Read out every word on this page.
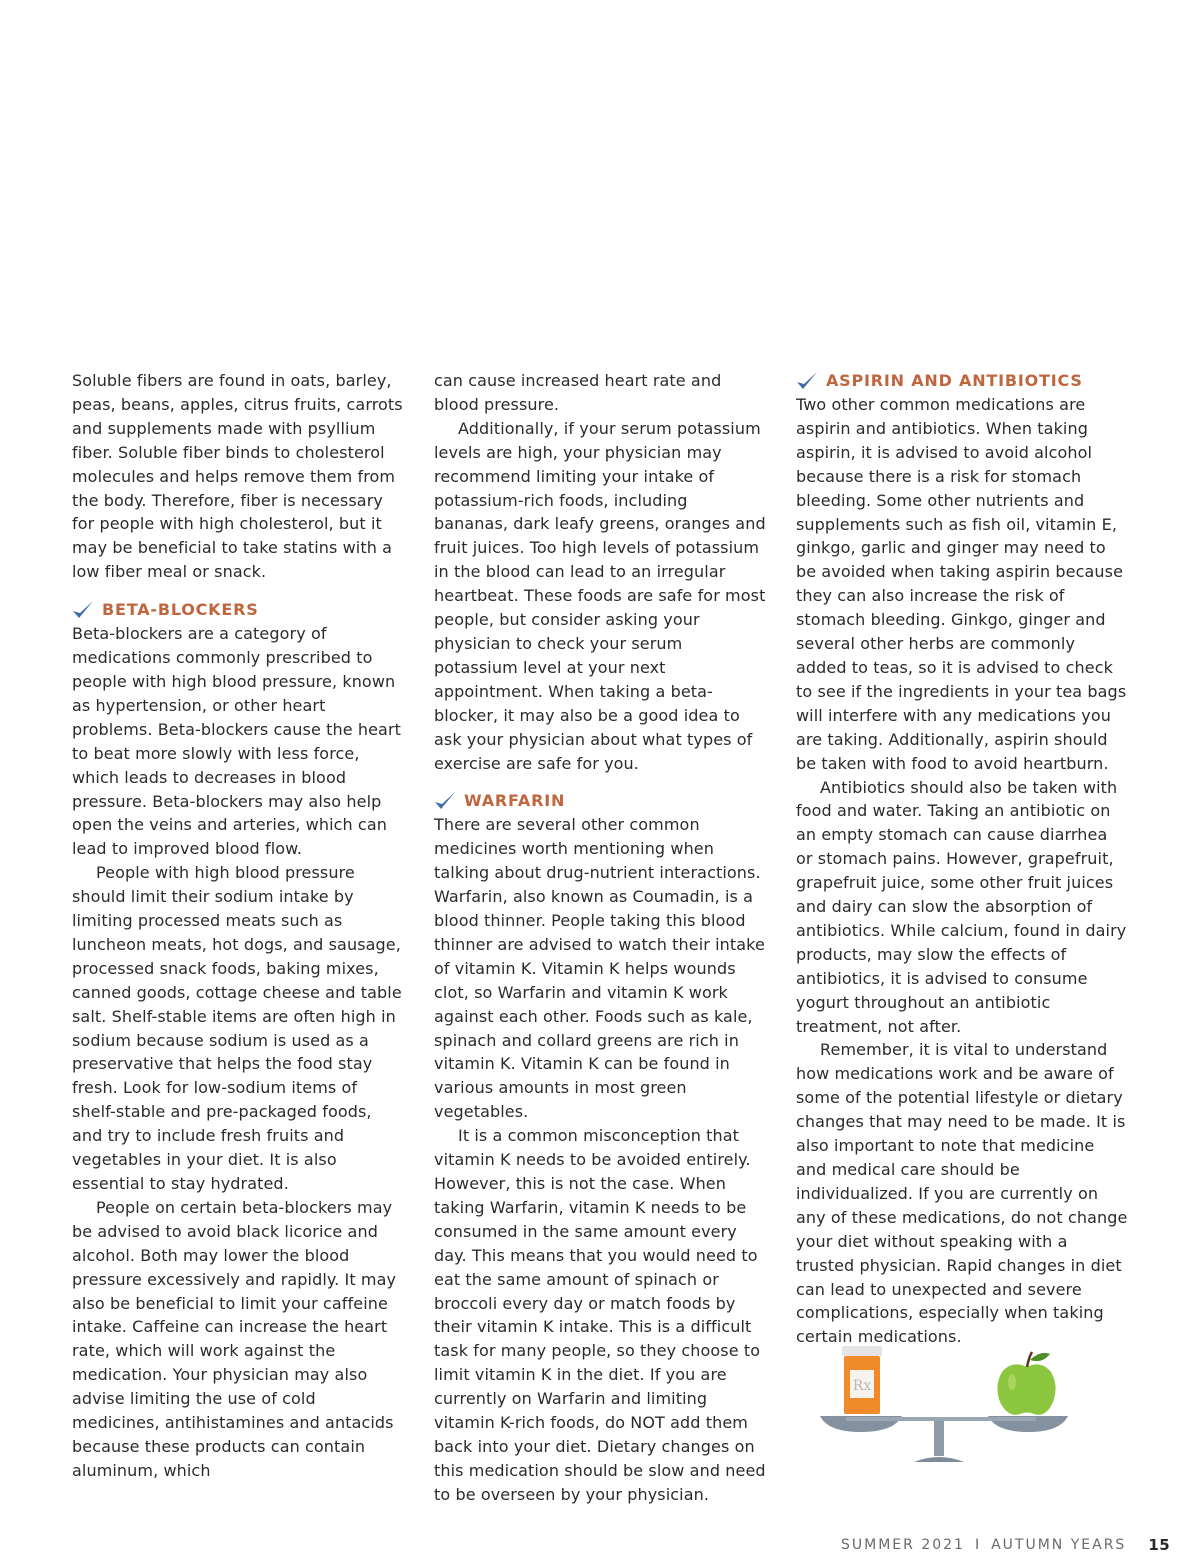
Soluble fibers are found in oats, barley, peas, beans, apples, citrus fruits, carrots and supplements made with psyllium fiber. Soluble fiber binds to cholesterol molecules and helps remove them from the body. Therefore, fiber is necessary for people with high cholesterol, but it may be beneficial to take statins with a low fiber meal or snack.

BETA-BLOCKERS

Beta-blockers are a category of medications commonly prescribed to people with high blood pressure, known as hypertension, or other heart problems. Beta-blockers cause the heart to beat more slowly with less force, which leads to decreases in blood pressure. Beta-blockers may also help open the veins and arteries, which can lead to improved blood flow.

People with high blood pressure should limit their sodium intake by limiting processed meats such as luncheon meats, hot dogs, and sausage, processed snack foods, baking mixes, canned goods, cottage cheese and table salt. Shelf-stable items are often high in sodium because sodium is used as a preservative that helps the food stay fresh. Look for low-sodium items of shelf-stable and pre-packaged foods, and try to include fresh fruits and vegetables in your diet. It is also essential to stay hydrated.

People on certain beta-blockers may be advised to avoid black licorice and alcohol. Both may lower the blood pressure excessively and rapidly. It may also be beneficial to limit your caffeine intake. Caffeine can increase the heart rate, which will work against the medication. Your physician may also advise limiting the use of cold medicines, antihistamines and antacids because these products can contain aluminum, which

can cause increased heart rate and blood pressure.

Additionally, if your serum potassium levels are high, your physician may recommend limiting your intake of potassium-rich foods, including bananas, dark leafy greens, oranges and fruit juices. Too high levels of potassium in the blood can lead to an irregular heartbeat. These foods are safe for most people, but consider asking your physician to check your serum potassium level at your next appointment. When taking a beta-blocker, it may also be a good idea to ask your physician about what types of exercise are safe for you.

WARFARIN

There are several other common medicines worth mentioning when talking about drug-nutrient interactions. Warfarin, also known as Coumadin, is a blood thinner. People taking this blood thinner are advised to watch their intake of vitamin K. Vitamin K helps wounds clot, so Warfarin and vitamin K work against each other. Foods such as kale, spinach and collard greens are rich in vitamin K. Vitamin K can be found in various amounts in most green vegetables.

It is a common misconception that vitamin K needs to be avoided entirely. However, this is not the case. When taking Warfarin, vitamin K needs to be consumed in the same amount every day. This means that you would need to eat the same amount of spinach or broccoli every day or match foods by their vitamin K intake. This is a difficult task for many people, so they choose to limit vitamin K in the diet. If you are currently on Warfarin and limiting vitamin K-rich foods, do NOT add them back into your diet. Dietary changes on this medication should be slow and need to be overseen by your physician.

ASPIRIN AND ANTIBIOTICS

Two other common medications are aspirin and antibiotics. When taking aspirin, it is advised to avoid alcohol because there is a risk for stomach bleeding. Some other nutrients and supplements such as fish oil, vitamin E, ginkgo, garlic and ginger may need to be avoided when taking aspirin because they can also increase the risk of stomach bleeding. Ginkgo, ginger and several other herbs are commonly added to teas, so it is advised to check to see if the ingredients in your tea bags will interfere with any medications you are taking. Additionally, aspirin should be taken with food to avoid heartburn.

Antibiotics should also be taken with food and water. Taking an antibiotic on an empty stomach can cause diarrhea or stomach pains. However, grapefruit, grapefruit juice, some other fruit juices and dairy can slow the absorption of antibiotics. While calcium, found in dairy products, may slow the effects of antibiotics, it is advised to consume yogurt throughout an antibiotic treatment, not after.

Remember, it is vital to understand how medications work and be aware of some of the potential lifestyle or dietary changes that may need to be made. It is also important to note that medicine and medical care should be individualized. If you are currently on any of these medications, do not change your diet without speaking with a trusted physician. Rapid changes in diet can lead to unexpected and severe complications, especially when taking certain medications.

Rx
SUMMER 2021 I AUTUMN YEARS 15
